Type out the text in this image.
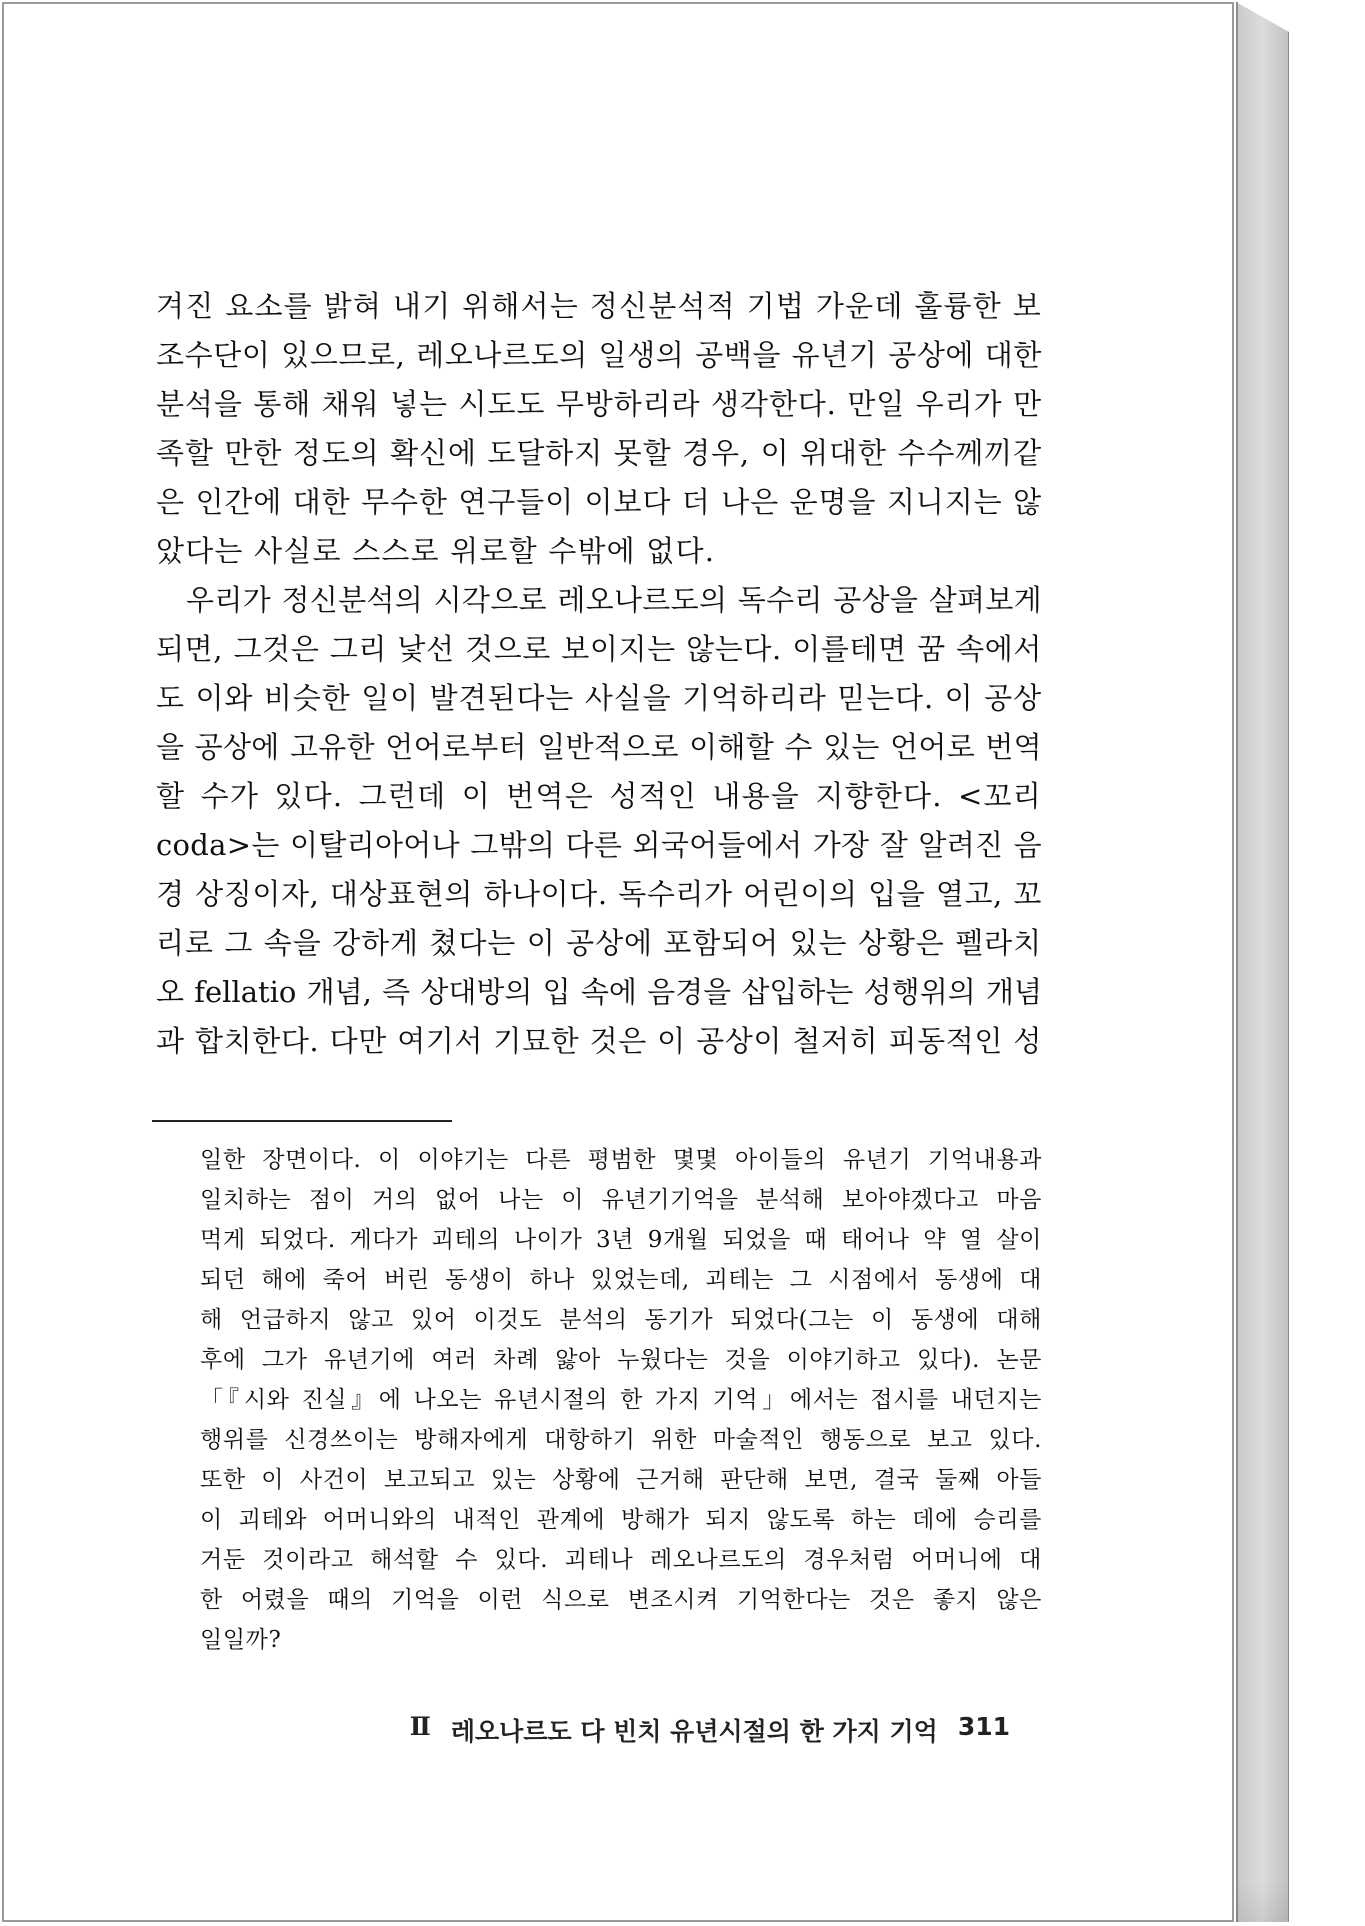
겨진 요소를 밝혀 내기 위해서는 정신분석적 기법 가운데 훌륭한 보
조수단이 있으므로, 레오나르도의 일생의 공백을 유년기 공상에 대한
분석을 통해 채워 넣는 시도도 무방하리라 생각한다. 만일 우리가 만
족할 만한 정도의 확신에 도달하지 못할 경우, 이 위대한 수수께끼같
은 인간에 대한 무수한 연구들이 이보다 더 나은 운명을 지니지는 않
았다는 사실로 스스로 위로할 수밖에 없다.
우리가 정신분석의 시각으로 레오나르도의 독수리 공상을 살펴보게
되면, 그것은 그리 낯선 것으로 보이지는 않는다. 이를테면 꿈 속에서
도 이와 비슷한 일이 발견된다는 사실을 기억하리라 믿는다. 이 공상
을 공상에 고유한 언어로부터 일반적으로 이해할 수 있는 언어로 번역
할 수가 있다. 그런데 이 번역은 성적인 내용을 지향한다. <꼬리
coda>는 이탈리아어나 그밖의 다른 외국어들에서 가장 잘 알려진 음
경 상징이자, 대상표현의 하나이다. 독수리가 어린이의 입을 열고, 꼬
리로 그 속을 강하게 쳤다는 이 공상에 포함되어 있는 상황은 펠라치
오 fellatio 개념, 즉 상대방의 입 속에 음경을 삽입하는 성행위의 개념
과 합치한다. 다만 여기서 기묘한 것은 이 공상이 철저히 피동적인 성
일한 장면이다. 이 이야기는 다른 평범한 몇몇 아이들의 유년기 기억내용과
일치하는 점이 거의 없어 나는 이 유년기기억을 분석해 보아야겠다고 마음
먹게 되었다. 게다가 괴테의 나이가 3년 9개월 되었을 때 태어나 약 열 살이
되던 해에 죽어 버린 동생이 하나 있었는데, 괴테는 그 시점에서 동생에 대
해 언급하지 않고 있어 이것도 분석의 동기가 되었다(그는 이 동생에 대해
후에 그가 유년기에 여러 차례 앓아 누웠다는 것을 이야기하고 있다). 논문
「『시와 진실』에 나오는 유년시절의 한 가지 기억」에서는 접시를 내던지는
행위를 신경쓰이는 방해자에게 대항하기 위한 마술적인 행동으로 보고 있다.
또한 이 사건이 보고되고 있는 상황에 근거해 판단해 보면, 결국 둘째 아들
이 괴테와 어머니와의 내적인 관계에 방해가 되지 않도록 하는 데에 승리를
거둔 것이라고 해석할 수 있다. 괴테나 레오나르도의 경우처럼 어머니에 대
한 어렸을 때의 기억을 이런 식으로 변조시켜 기억한다는 것은 좋지 않은
일일까?
Ⅱ 레오나르도 다 빈치 유년시절의 한 가지 기억 311
